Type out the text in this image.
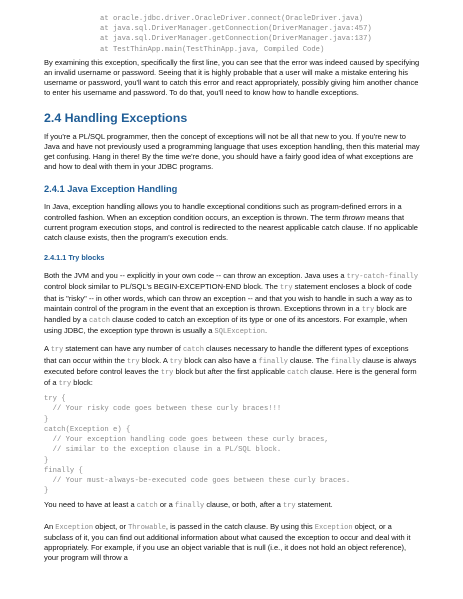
at oracle.jdbc.driver.OracleDriver.connect(OracleDriver.java)
at java.sql.DriverManager.getConnection(DriverManager.java:457)
at java.sql.DriverManager.getConnection(DriverManager.java:137)
at TestThinApp.main(TestThinApp.java, Compiled Code)

By examining this exception, specifically the first line, you can see that the error was indeed caused by specifying an invalid username or password. Seeing that it is highly probable that a user will make a mistake entering his username or password, you'll want to catch this error and react appropriately, possibly giving him another chance to enter his username and password. To do that, you'll need to know how to handle exceptions.

2.4 Handling Exceptions

If you're a PL/SQL programmer, then the concept of exceptions will not be all that new to you. If you're new to Java and have not previously used a programming language that uses exception handling, then this material may get confusing. Hang in there! By the time we're done, you should have a fairly good idea of what exceptions are and how to deal with them in your JDBC programs.

2.4.1 Java Exception Handling

In Java, exception handling allows you to handle exceptional conditions such as program-defined errors in a controlled fashion. When an exception condition occurs, an exception is thrown. The term thrown means that current program execution stops, and control is redirected to the nearest applicable catch clause. If no applicable catch clause exists, then the program's execution ends.

2.4.1.1 Try blocks

Both the JVM and you -- explicitly in your own code -- can throw an exception. Java uses a try-catch-finally control block similar to PL/SQL's BEGIN-EXCEPTION-END block. The try statement encloses a block of code that is "risky" -- in other words, which can throw an exception -- and that you wish to handle in such a way as to maintain control of the program in the event that an exception is thrown. Exceptions thrown in a try block are handled by a catch clause coded to catch an exception of its type or one of its ancestors. For example, when using JDBC, the exception type thrown is usually a SQLException.

A try statement can have any number of catch clauses necessary to handle the different types of exceptions that can occur within the try block. A try block can also have a finally clause. The finally clause is always executed before control leaves the try block but after the first applicable catch clause. Here is the general form of a try block:

try {
// Your risky code goes between these curly braces!!!
}
catch(Exception e) {
// Your exception handling code goes between these curly braces,
// similar to the exception clause in a PL/SQL block.
}
finally {
// Your must-always-be-executed code goes between these curly braces.
}

You need to have at least a catch or a finally clause, or both, after a try statement.

An Exception object, or Throwable, is passed in the catch clause. By using this Exception object, or a subclass of it, you can find out additional information about what caused the exception to occur and deal with it appropriately. For example, if you use an object variable that is null (i.e., it does not hold an object reference), your program will throw a
